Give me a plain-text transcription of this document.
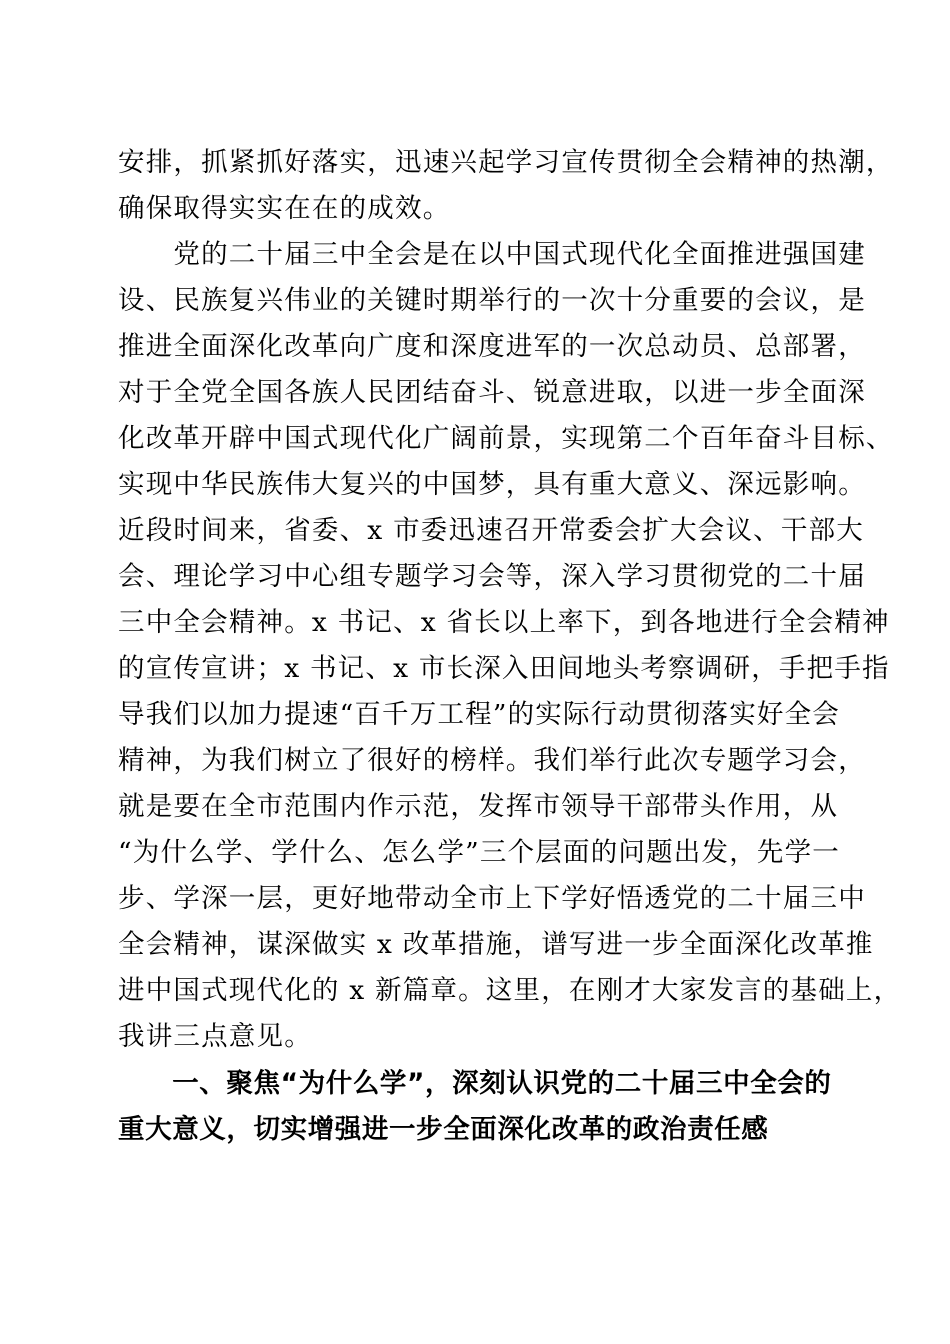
安排，抓紧抓好落实，迅速兴起学习宣传贯彻全会精神的热潮，
确保取得实实在在的成效。
　　党的二十届三中全会是在以中国式现代化全面推进强国建
设、民族复兴伟业的关键时期举行的一次十分重要的会议，是
推进全面深化改革向广度和深度进军的一次总动员、总部署，
对于全党全国各族人民团结奋斗、锐意进取，以进一步全面深
化改革开辟中国式现代化广阔前景，实现第二个百年奋斗目标、
实现中华民族伟大复兴的中国梦，具有重大意义、深远影响。
近段时间来，省委、x 市委迅速召开常委会扩大会议、干部大
会、理论学习中心组专题学习会等，深入学习贯彻党的二十届
三中全会精神。x 书记、x 省长以上率下，到各地进行全会精神
的宣传宣讲；x 书记、x 市长深入田间地头考察调研，手把手指
导我们以加力提速“百千万工程”的实际行动贯彻落实好全会
精神，为我们树立了很好的榜样。我们举行此次专题学习会，
就是要在全市范围内作示范，发挥市领导干部带头作用，从
“为什么学、学什么、怎么学”三个层面的问题出发，先学一
步、学深一层，更好地带动全市上下学好悟透党的二十届三中
全会精神，谋深做实 x 改革措施，谱写进一步全面深化改革推
进中国式现代化的 x 新篇章。这里，在刚才大家发言的基础上，
我讲三点意见。
　　一、聚焦“为什么学”，深刻认识党的二十届三中全会的
重大意义，切实增强进一步全面深化改革的政治责任感
